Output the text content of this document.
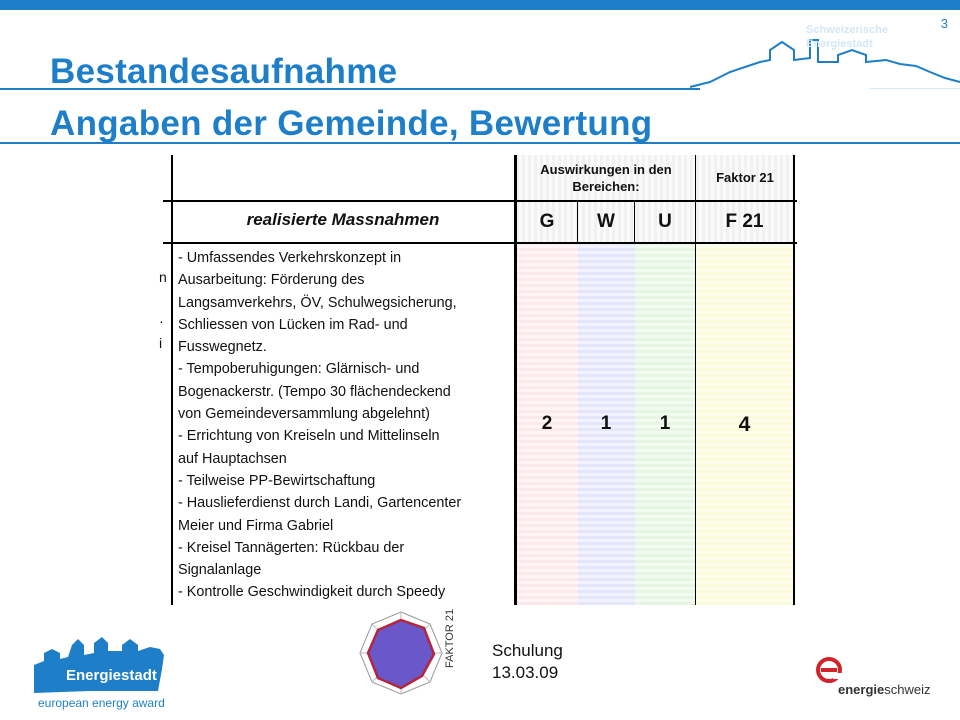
3
Schweizerische
Energiestadt
Bestandesaufnahme
Angaben der Gemeinde, Bewertung
Auswirkungen in den Bereichen:
Faktor 21
realisierte Massnahmen	G	W	U	F 21
n
·
i
- Umfassendes Verkehrskonzept in
Ausarbeitung: Förderung des
Langsamverkehrs, ÖV, Schulwegsicherung,
Schliessen von Lücken im Rad- und
Fusswegnetz.
- Tempoberuhigungen: Glärnisch- und
Bogenackerstr. (Tempo 30 flächendeckend
von Gemeindeversammlung abgelehnt)
- Errichtung von Kreiseln und Mittelinseln
auf Hauptachsen
- Teilweise PP-Bewirtschaftung
- Hauslieferdienst durch Landi, Gartencenter
Meier und Firma Gabriel
- Kreisel Tannägerten: Rückbau der
Signalanlage
- Kontrolle Geschwindigkeit durch Speedy
2	1	1	4
FAKTOR 21 Schulung
13.03.09
Energiestadt
european energy award
energieschweiz
